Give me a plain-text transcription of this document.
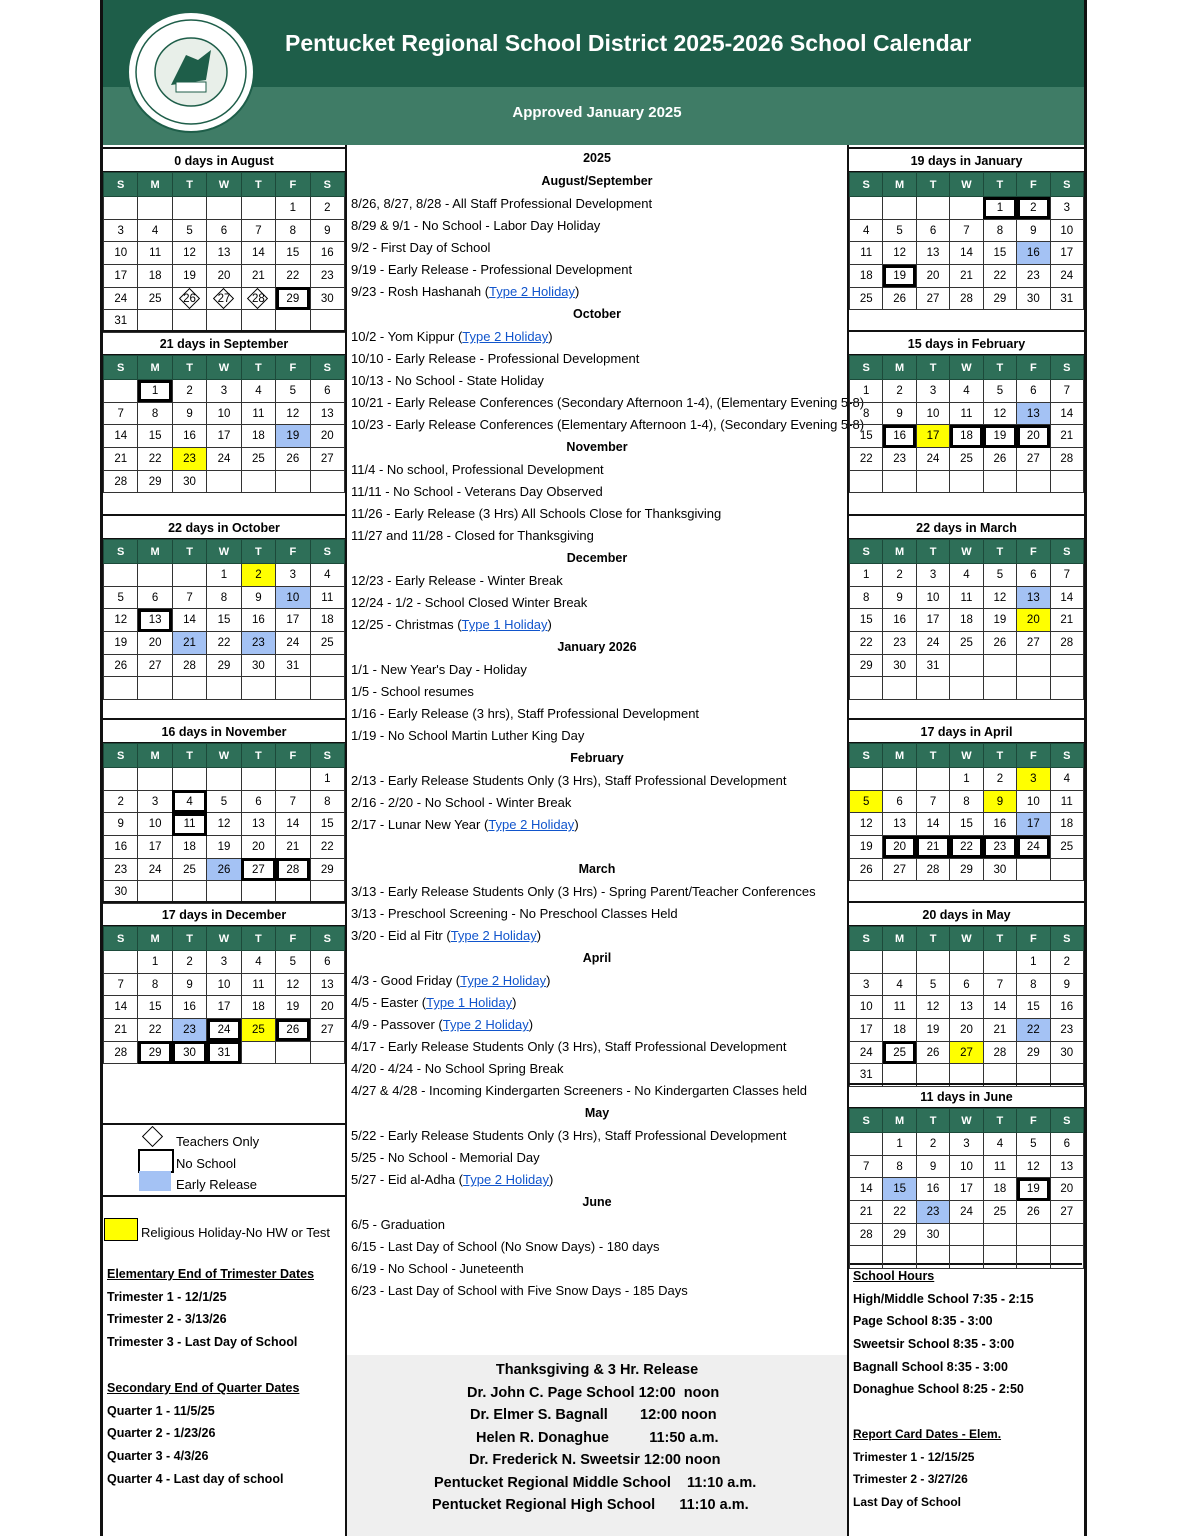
Pentucket Regional School District 2025-2026 School Calendar
Approved January 2025
Teachers Only
No School
Early Release
Religious Holiday-No HW or Test
Elementary End of Trimester Dates
Trimester 1 - 12/1/25
Trimester 2 - 3/13/26
Trimester 3 - Last Day of School
Secondary End of Quarter Dates
Quarter 1 - 11/5/25
Quarter 2 - 1/23/26
Quarter 3 - 4/3/26
Quarter 4 - Last day of school
0 days in August
S	M	T	W	T	F	S
					1	2
3	4	5	6	7	8	9
10	11	12	13	14	15	16
17	18	19	20	21	22	23
24	25	26	27	28	29	30
31						
21 days in September
S	M	T	W	T	F	S
	1	2	3	4	5	6
7	8	9	10	11	12	13
14	15	16	17	18	19	20
21	22	23	24	25	26	27
28	29	30				
22 days in October
S	M	T	W	T	F	S
			1	2	3	4
5	6	7	8	9	10	11
12	13	14	15	16	17	18
19	20	21	22	23	24	25
26	27	28	29	30	31	

16 days in November
S	M	T	W	T	F	S
						1
2	3	4	5	6	7	8
9	10	11	12	13	14	15
16	17	18	19	20	21	22
23	24	25	26	27	28	29
30						
17 days in December
S	M	T	W	T	F	S
	1	2	3	4	5	6
7	8	9	10	11	12	13
14	15	16	17	18	19	20
21	22	23	24	25	26	27
28	29	30	31			
2025
August/September
8/26, 8/27, 8/28 - All Staff Professional Development
8/29 & 9/1 - No School - Labor Day Holiday
9/2 - First Day of School
9/19 - Early Release - Professional Development
9/23 - Rosh Hashanah (Type 2 Holiday)
October
10/2 - Yom Kippur (Type 2 Holiday)
10/10 - Early Release - Professional Development
10/13 - No School - State Holiday
10/21 - Early Release Conferences (Secondary Afternoon 1-4), (Elementary Evening 5-8)
10/23 - Early Release Conferences (Elementary Afternoon 1-4), (Secondary Evening 5-8)
November
11/4 - No school, Professional Development
11/11 - No School - Veterans Day Observed
11/26 - Early Release (3 Hrs) All Schools Close for Thanksgiving
11/27 and 11/28 - Closed for Thanksgiving
December
12/23 - Early Release - Winter Break
12/24 - 1/2 - School Closed Winter Break
12/25 - Christmas (Type 1 Holiday)
January 2026
1/1 - New Year's Day - Holiday
1/5 - School resumes
1/16 - Early Release (3 hrs), Staff Professional Development
1/19 - No School Martin Luther King Day
February
2/13 - Early Release Students Only (3 Hrs), Staff Professional Development
2/16 - 2/20 - No School - Winter Break
2/17 - Lunar New Year (Type 2 Holiday)
March
3/13 - Early Release Students Only (3 Hrs) - Spring Parent/Teacher Conferences
3/13 - Preschool Screening - No Preschool Classes Held
3/20 - Eid al Fitr (Type 2 Holiday)
April
4/3 - Good Friday (Type 2 Holiday)
4/5 - Easter (Type 1 Holiday)
4/9 - Passover (Type 2 Holiday)
4/17 - Early Release Students Only (3 Hrs), Staff Professional Development
4/20 - 4/24 - No School Spring Break
4/27 & 4/28 - Incoming Kindergarten Screeners - No Kindergarten Classes held
May
5/22 - Early Release Students Only (3 Hrs), Staff Professional Development
5/25 - No School - Memorial Day
5/27 - Eid al-Adha (Type 2 Holiday)
June
6/5 - Graduation
6/15 - Last Day of School (No Snow Days) - 180 days
6/19 - No School - Juneteenth
6/23 - Last Day of School with Five Snow Days - 185 Days
Thanksgiving & 3 Hr. Release
Dr. John C. Page School 12:00  noon
Dr. Elmer S. Bagnall        12:00 noon
Helen R. Donaghue          11:50 a.m.
Dr. Frederick N. Sweetsir 12:00 noon
Pentucket Regional Middle School    11:10 a.m.
Pentucket Regional High School      11:10 a.m.
School Hours
High/Middle School 7:35 - 2:15
Page School 8:35 - 3:00
Sweetsir School 8:35 - 3:00
Bagnall School 8:35 - 3:00
Donaghue School 8:25 - 2:50
Report Card Dates - Elem.
Trimester 1 - 12/15/25
Trimester 2 - 3/27/26
Last Day of School
19 days in January
S	M	T	W	T	F	S
				1	2	3
4	5	6	7	8	9	10
11	12	13	14	15	16	17
18	19	20	21	22	23	24
25	26	27	28	29	30	31
15 days in February
S	M	T	W	T	F	S
1	2	3	4	5	6	7
8	9	10	11	12	13	14
15	16	17	18	19	20	21
22	23	24	25	26	27	28

22 days in March
S	M	T	W	T	F	S
1	2	3	4	5	6	7
8	9	10	11	12	13	14
15	16	17	18	19	20	21
22	23	24	25	26	27	28
29	30	31				

17 days in April
S	M	T	W	T	F	S
			1	2	3	4
5	6	7	8	9	10	11
12	13	14	15	16	17	18
19	20	21	22	23	24	25
26	27	28	29	30		
20 days in May
S	M	T	W	T	F	S
					1	2
3	4	5	6	7	8	9
10	11	12	13	14	15	16
17	18	19	20	21	22	23
24	25	26	27	28	29	30
31						
11 days in June
S	M	T	W	T	F	S
	1	2	3	4	5	6
7	8	9	10	11	12	13
14	15	16	17	18	19	20
21	22	23	24	25	26	27
28	29	30				
